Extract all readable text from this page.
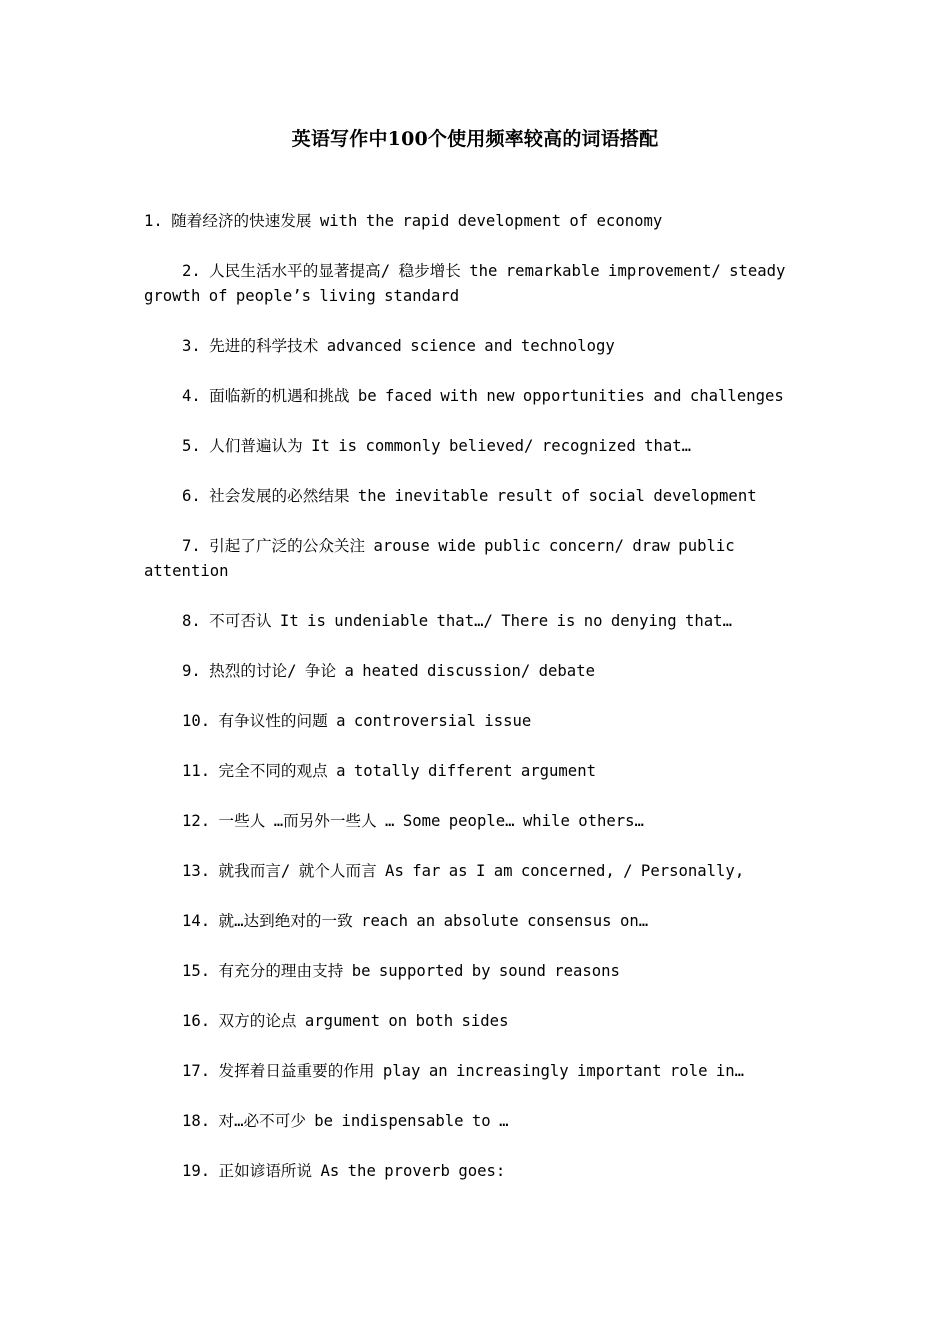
英语写作中100个使用频率较高的词语搭配

1. 随着经济的快速发展 with the rapid development of economy

2. 人民生活水平的显著提高/ 稳步增长 the remarkable improvement/ steady growth of people’s living standard

3. 先进的科学技术 advanced science and technology

4. 面临新的机遇和挑战 be faced with new opportunities and challenges

5. 人们普遍认为 It is commonly believed/ recognized that…

6. 社会发展的必然结果 the inevitable result of social development

7. 引起了广泛的公众关注 arouse wide public concern/ draw public attention

8. 不可否认 It is undeniable that…/ There is no denying that…

9. 热烈的讨论/ 争论 a heated discussion/ debate

10. 有争议性的问题 a controversial issue

11. 完全不同的观点 a totally different argument

12. 一些人 …而另外一些人 … Some people… while others…

13. 就我而言/ 就个人而言 As far as I am concerned, / Personally,

14. 就…达到绝对的一致 reach an absolute consensus on…

15. 有充分的理由支持 be supported by sound reasons

16. 双方的论点 argument on both sides

17. 发挥着日益重要的作用 play an increasingly important role in…

18. 对…必不可少 be indispensable to …

19. 正如谚语所说 As the proverb goes:
